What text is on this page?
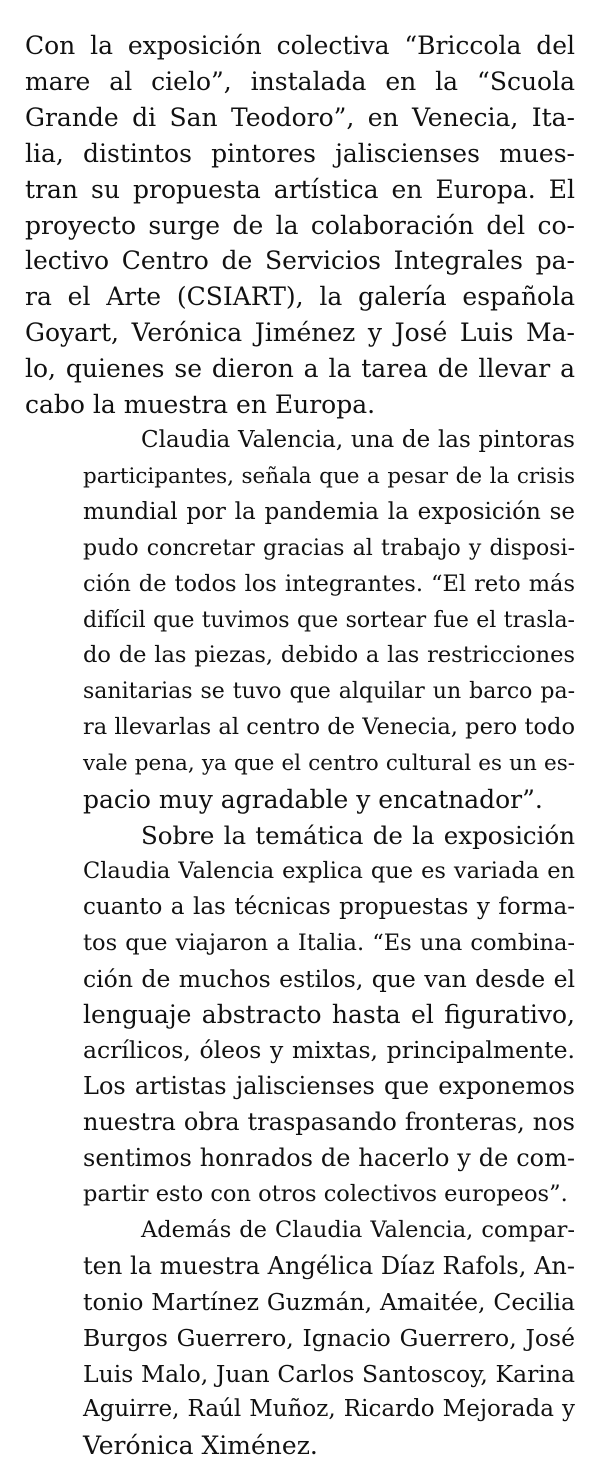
Con la exposición colectiva “Briccola del
mare al cielo”, instalada en la “Scuola
Grande di San Teodoro”, en Venecia, Ita-
lia, distintos pintores jaliscienses mues-
tran su propuesta artística en Europa. El
proyecto surge de la colaboración del co-
lectivo Centro de Servicios Integrales pa-
ra el Arte (CSIART), la galería española
Goyart, Verónica Jiménez y José Luis Ma-
lo, quienes se dieron a la tarea de llevar a
cabo la muestra en Europa.

Claudia Valencia, una de las pintoras
participantes, señala que a pesar de la crisis
mundial por la pandemia la exposición se
pudo concretar gracias al trabajo y disposi-
ción de todos los integrantes. “El reto más
difícil que tuvimos que sortear fue el trasla-
do de las piezas, debido a las restricciones
sanitarias se tuvo que alquilar un barco pa-
ra llevarlas al centro de Venecia, pero todo
vale pena, ya que el centro cultural es un es-
pacio muy agradable y encatnador”.

Sobre la temática de la exposición
Claudia Valencia explica que es variada en
cuanto a las técnicas propuestas y forma-
tos que viajaron a Italia. “Es una combina-
ción de muchos estilos, que van desde el
lenguaje abstracto hasta el figurativo,
acrílicos, óleos y mixtas, principalmente.
Los artistas jaliscienses que exponemos
nuestra obra traspasando fronteras, nos
sentimos honrados de hacerlo y de com-
partir esto con otros colectivos europeos”.

Además de Claudia Valencia, compar-
ten la muestra Angélica Díaz Rafols, An-
tonio Martínez Guzmán, Amaitée, Cecilia
Burgos Guerrero, Ignacio Guerrero, José
Luis Malo, Juan Carlos Santoscoy, Karina
Aguirre, Raúl Muñoz, Ricardo Mejorada y
Verónica Ximénez.
